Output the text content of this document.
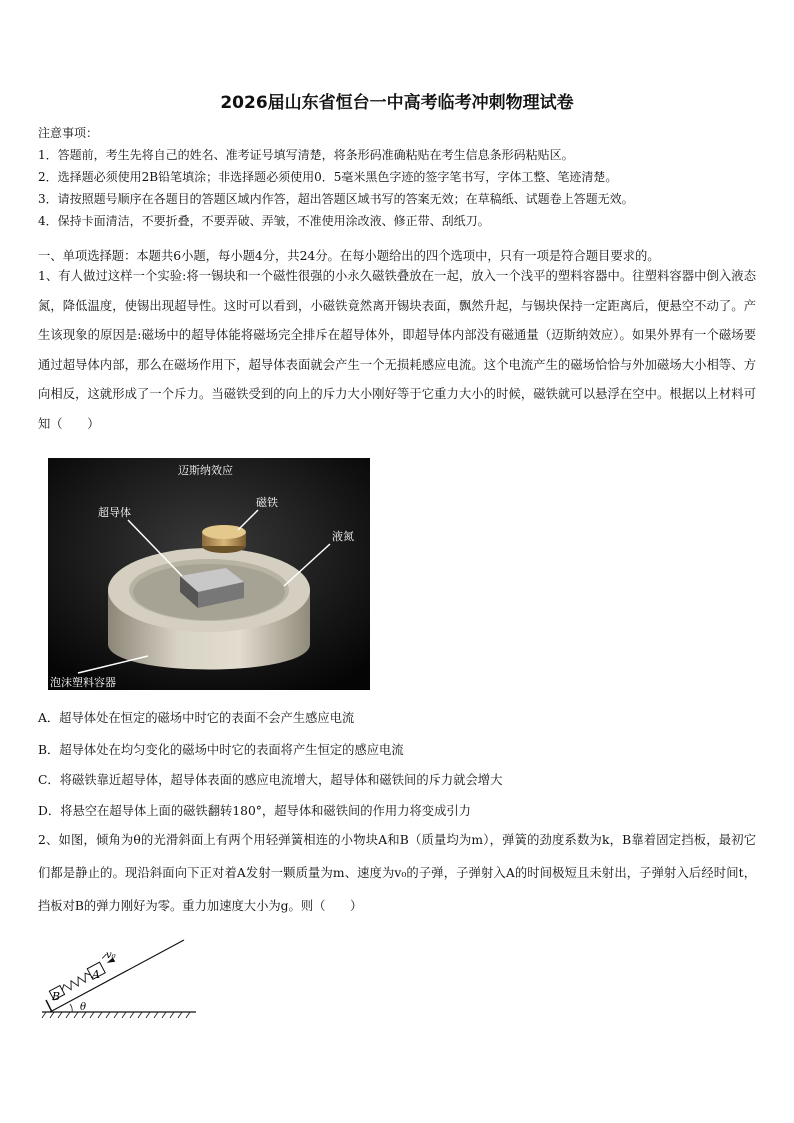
2026届山东省恒台一中高考临考冲刺物理试卷
注意事项：
1．答题前，考生先将自己的姓名、准考证号填写清楚，将条形码准确粘贴在考生信息条形码粘贴区。
2．选择题必须使用2B铅笔填涂；非选择题必须使用0．5毫米黑色字迹的签字笔书写，字体工整、笔迹清楚。
3．请按照题号顺序在各题目的答题区域内作答，超出答题区域书写的答案无效；在草稿纸、试题卷上答题无效。
4．保持卡面清洁，不要折叠，不要弄破、弄皱，不准使用涂改液、修正带、刮纸刀。
一、单项选择题：本题共6小题，每小题4分，共24分。在每小题给出的四个选项中，只有一项是符合题目要求的。
1、有人做过这样一个实验:将一锡块和一个磁性很强的小永久磁铁叠放在一起，放入一个浅平的塑料容器中。往塑料容器中倒入液态氮，降低温度，使锡出现超导性。这时可以看到，小磁铁竟然离开锡块表面，飘然升起，与锡块保持一定距离后，便悬空不动了。产生该现象的原因是:磁场中的超导体能将磁场完全排斥在超导体外，即超导体内部没有磁通量（迈斯纳效应）。如果外界有一个磁场要通过超导体内部，那么在磁场作用下，超导体表面就会产生一个无损耗感应电流。这个电流产生的磁场恰恰与外加磁场大小相等、方向相反，这就形成了一个斥力。当磁铁受到的向上的斥力大小刚好等于它重力大小的时候，磁铁就可以悬浮在空中。根据以上材料可知（　　）
迈斯纳效应
超导体
磁铁
液氮
泡沫塑料容器
A．超导体处在恒定的磁场中时它的表面不会产生感应电流
B．超导体处在均匀变化的磁场中时它的表面将产生恒定的感应电流
C．将磁铁靠近超导体，超导体表面的感应电流增大，超导体和磁铁间的斥力就会增大
D．将悬空在超导体上面的磁铁翻转180°，超导体和磁铁间的作用力将变成引力
2、如图，倾角为θ的光滑斜面上有两个用轻弹簧相连的小物块A和B（质量均为m），弹簧的劲度系数为k，B靠着固定挡板，最初它们都是静止的。现沿斜面向下正对着A发射一颗质量为m、速度为v₀的子弹，子弹射入A的时间极短且未射出，子弹射入后经时间t，挡板对B的弹力刚好为零。重力加速度大小为g。则（　　）
B
A
v₀
θ
